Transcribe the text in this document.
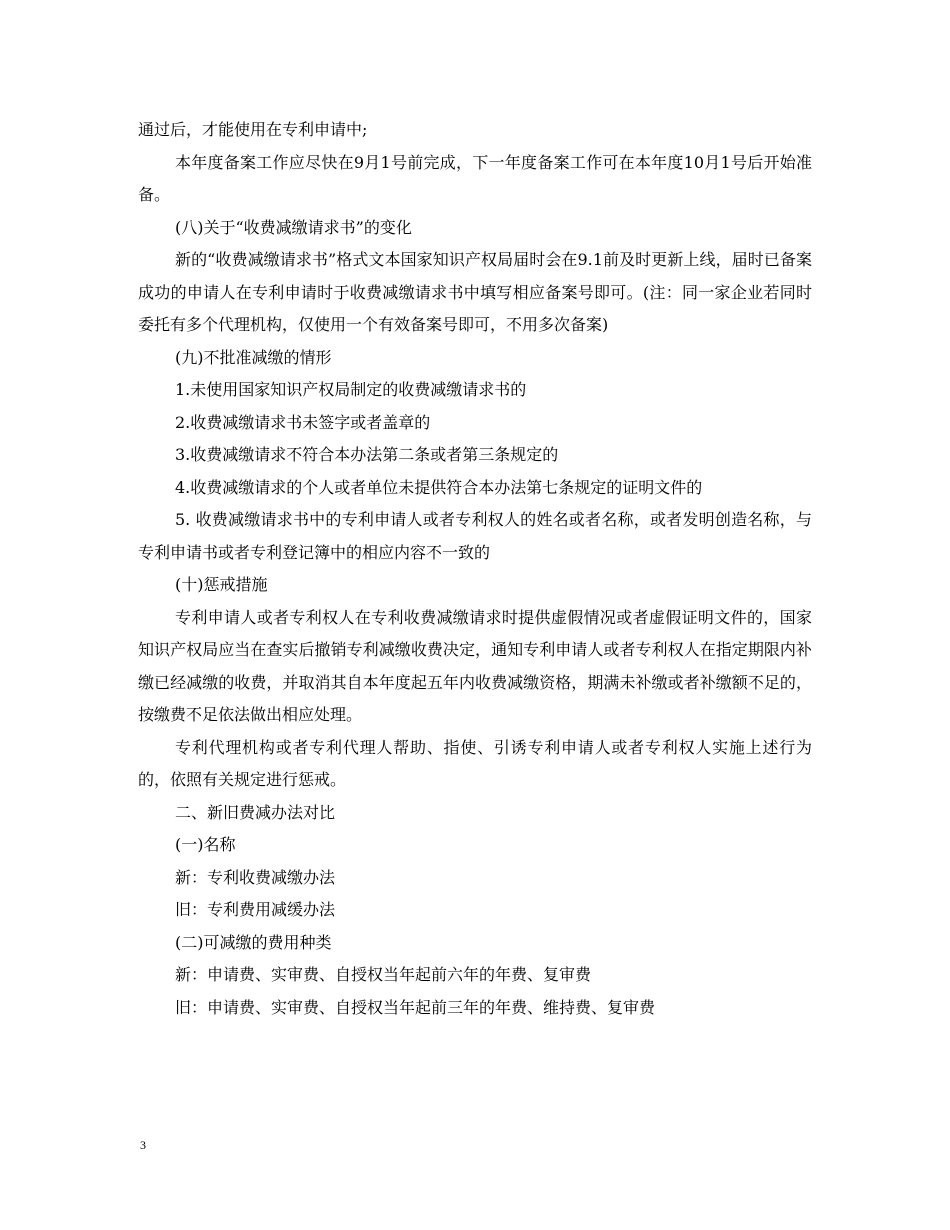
通过后，才能使用在专利申请中;

本年度备案工作应尽快在9月1号前完成，下一年度备案工作可在本年度10月1号后开始准备。

(八)关于“收费减缴请求书”的变化

新的“收费减缴请求书”格式文本国家知识产权局届时会在9.1前及时更新上线，届时已备案成功的申请人在专利申请时于收费减缴请求书中填写相应备案号即可。(注：同一家企业若同时委托有多个代理机构，仅使用一个有效备案号即可，不用多次备案)

(九)不批准减缴的情形

1.未使用国家知识产权局制定的收费减缴请求书的

2.收费减缴请求书未签字或者盖章的

3.收费减缴请求不符合本办法第二条或者第三条规定的

4.收费减缴请求的个人或者单位未提供符合本办法第七条规定的证明文件的

5. 收费减缴请求书中的专利申请人或者专利权人的姓名或者名称，或者发明创造名称，与专利申请书或者专利登记簿中的相应内容不一致的

(十)惩戒措施

专利申请人或者专利权人在专利收费减缴请求时提供虚假情况或者虚假证明文件的，国家知识产权局应当在查实后撤销专利减缴收费决定，通知专利申请人或者专利权人在指定期限内补缴已经减缴的收费，并取消其自本年度起五年内收费减缴资格，期满未补缴或者补缴额不足的，按缴费不足依法做出相应处理。

专利代理机构或者专利代理人帮助、指使、引诱专利申请人或者专利权人实施上述行为的，依照有关规定进行惩戒。

二、新旧费减办法对比

(一)名称

新：专利收费减缴办法

旧：专利费用减缓办法

(二)可减缴的费用种类

新：申请费、实审费、自授权当年起前六年的年费、复审费

旧：申请费、实审费、自授权当年起前三年的年费、维持费、复审费

3
